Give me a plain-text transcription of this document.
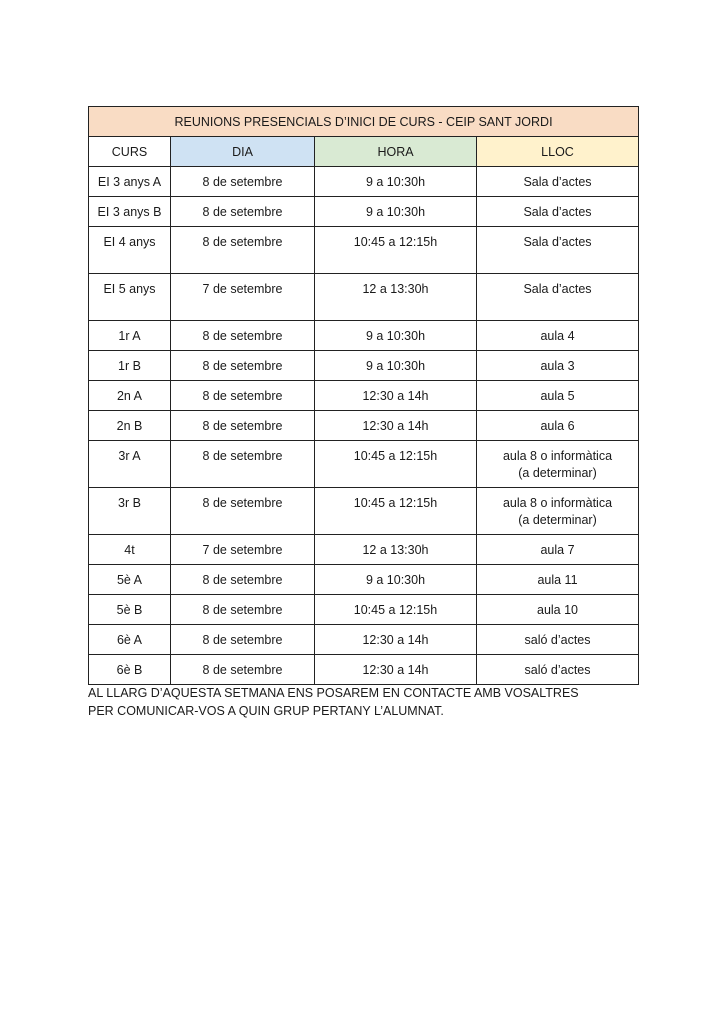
REUNIONS PRESENCIALS D’INICI DE CURS - CEIP SANT JORDI			
CURS	DIA	HORA	LLOC

EI 3 anys A	8 de setembre	9 a 10:30h	Sala d’actes

EI 3 anys B	8 de setembre	9 a 10:30h	Sala d’actes

EI 4 anys	8 de setembre	10:45 a 12:15h	Sala d’actes

EI 5 anys	7 de setembre	12 a 13:30h	Sala d’actes

1r A	8 de setembre	9 a 10:30h	aula 4

1r B	8 de setembre	9 a 10:30h	aula 3

2n A	8 de setembre	12:30 a 14h	aula 5

2n B	8 de setembre	12:30 a 14h	aula 6

3r A	8 de setembre	10:45 a 12:15h	aula 8 o informàtica
(a determinar)

3r B	8 de setembre	10:45 a 12:15h	aula 8 o informàtica
(a determinar)

4t	7 de setembre	12 a 13:30h	aula 7

5è A	8 de setembre	9 a 10:30h	aula 11

5è B	8 de setembre	10:45 a 12:15h	aula 10

6è A	8 de setembre	12:30 a 14h	saló d’actes

6è B	8 de setembre	12:30 a 14h	saló d’actes

AL LLARG D’AQUESTA SETMANA ENS POSAREM EN CONTACTE AMB VOSALTRES
PER COMUNICAR-VOS A QUIN GRUP PERTANY L’ALUMNAT.
